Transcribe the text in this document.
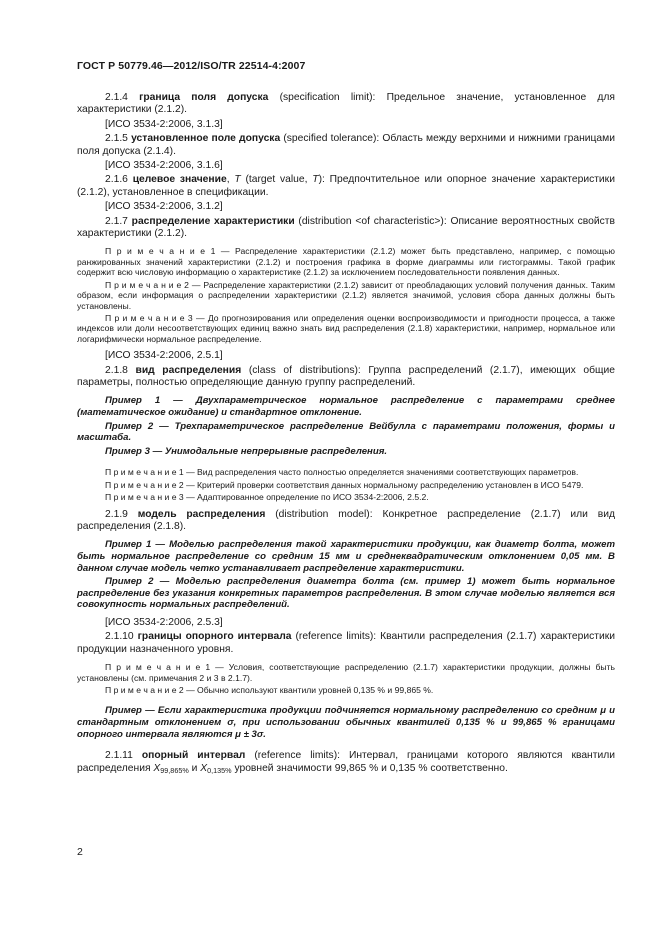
ГОСТ Р 50779.46—2012/ISO/TR 22514-4:2007

2.1.4 граница поля допуска (specification limit): Предельное значение, установленное для характеристики (2.1.2).

[ИСО 3534-2:2006, 3.1.3]

2.1.5 установленное поле допуска (specified tolerance): Область между верхними и нижними границами поля допуска (2.1.4).

[ИСО 3534-2:2006, 3.1.6]

2.1.6 целевое значение, T (target value, T): Предпочтительное или опорное значение характеристики (2.1.2), установленное в спецификации.

[ИСО 3534-2:2006, 3.1.2]

2.1.7 распределение характеристики (distribution <of characteristic>): Описание вероятностных свойств характеристики (2.1.2).

П р и м е ч а н и е 1 — Распределение характеристики (2.1.2) может быть представлено, например, с помощью ранжированных значений характеристики (2.1.2) и построения графика в форме диаграммы или гистограммы. Такой график содержит всю числовую информацию о характеристике (2.1.2) за исключением последовательности появления данных.

П р и м е ч а н и е 2 — Распределение характеристики (2.1.2) зависит от преобладающих условий получения данных. Таким образом, если информация о распределении характеристики (2.1.2) является значимой, условия сбора данных должны быть установлены.

П р и м е ч а н и е 3 — До прогнозирования или определения оценки воспроизводимости и пригодности процесса, а также индексов или доли несоответствующих единиц важно знать вид распределения (2.1.8) характеристики, например, нормальное или логарифмически нормальное распределение.

[ИСО 3534-2:2006, 2.5.1]

2.1.8 вид распределения (class of distributions): Группа распределений (2.1.7), имеющих общие параметры, полностью определяющие данную группу распределений.

Пример 1 — Двухпараметрическое нормальное распределение с параметрами среднее (математическое ожидание) и стандартное отклонение.

Пример 2 — Трехпараметрическое распределение Вейбулла с параметрами положения, формы и масштаба.

Пример 3 — Унимодальные непрерывные распределения.

П р и м е ч а н и е 1 — Вид распределения часто полностью определяется значениями соответствующих параметров.

П р и м е ч а н и е 2 — Критерий проверки соответствия данных нормальному распределению установлен в ИСО 5479.

П р и м е ч а н и е 3 — Адаптированное определение по ИСО 3534-2:2006, 2.5.2.

2.1.9 модель распределения (distribution model): Конкретное распределение (2.1.7) или вид распределения (2.1.8).

Пример 1 — Моделью распределения такой характеристики продукции, как диаметр болта, может быть нормальное распределение со средним 15 мм и среднеквадратическим отклонением 0,05 мм. В данном случае модель четко устанавливает распределение характеристики.

Пример 2 — Моделью распределения диаметра болта (см. пример 1) может быть нормальное распределение без указания конкретных параметров распределения. В этом случае моделью является вся совокупность нормальных распределений.

[ИСО 3534-2:2006, 2.5.3]

2.1.10 границы опорного интервала (reference limits): Квантили распределения (2.1.7) характеристики продукции назначенного уровня.

П р и м е ч а н и е 1 — Условия, соответствующие распределению (2.1.7) характеристики продукции, должны быть установлены (см. примечания 2 и 3 в 2.1.7).

П р и м е ч а н и е 2 — Обычно используют квантили уровней 0,135 % и 99,865 %.

Пример — Если характеристика продукции подчиняется нормальному распределению со средним μ и стандартным отклонением σ, при использовании обычных квантилей 0,135 % и 99,865 % границами опорного интервала являются μ ± 3σ.

2.1.11 опорный интервал (reference limits): Интервал, границами которого являются квантили распределения $X_{99,865\%}$ и $X_{0,135\%}$ уровней значимости 99,865 % и 0,135 % соответственно.

2
